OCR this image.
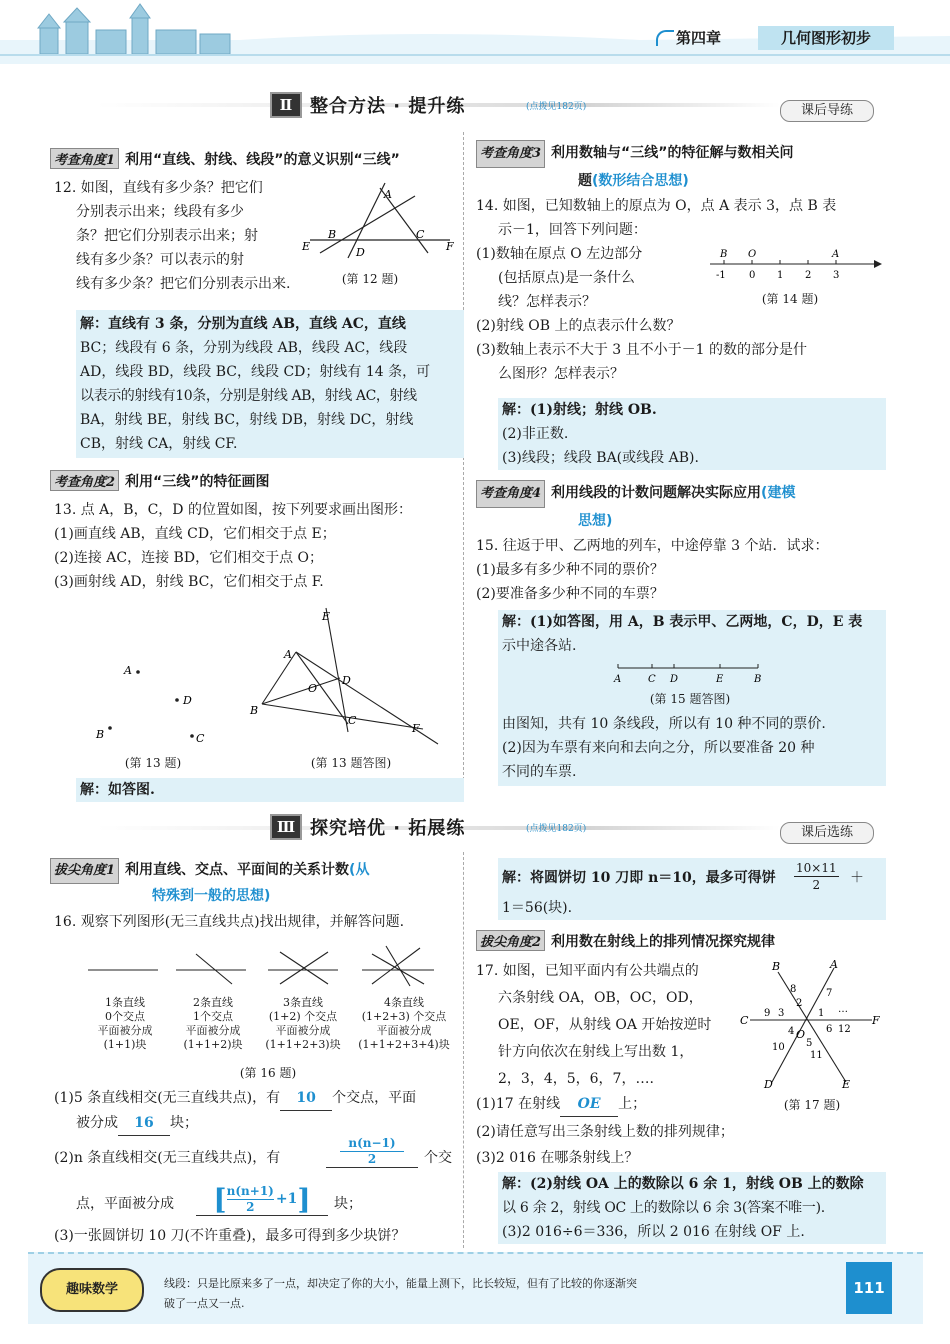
第四章	几何图形初步
Ⅱ 整合方法 · 提升练	(点拨见182页)	课后导练
考查角度1 利用“直线、射线、线段”的意义识别“三线”
12. 如图，直线有多少条？把它们
分别表示出来；线段有多少
条？把它们分别表示出来；射
线有多少条？可以表示的射
线有多少条？把它们分别表示出来.
A
B	C
D
E	F
(第 12 题)
解：直线有 3 条，分别为直线 AB，直线 AC，直线
BC；线段有 6 条，分别为线段 AB，线段 AC，线段
AD，线段 BD，线段 BC，线段 CD；射线有 14 条，可
以表示的射线有10条，分别是射线 AB，射线 AC，射线
BA，射线 BE，射线 BC，射线 DB，射线 DC，射线
CB，射线 CA，射线 CF.
考查角度2 利用“三线”的特征画图
13. 点 A，B，C，D 的位置如图，按下列要求画出图形：
(1)画直线 AB，直线 CD，它们相交于点 E；
(2)连接 AC，连接 BD，它们相交于点 O；
(3)画射线 AD，射线 BC，它们相交于点 F.
A
D
B	C
(第 13 题)
E
A
D
O
B
C
F
(第 13 题答图)
解：如答图.
考查角度3 利用数轴与“三线”的特征解与数相关问
题(数形结合思想)
14. 如图，已知数轴上的原点为 O，点 A 表示 3，点 B 表
示－1，回答下列问题：
(1)数轴在原点 O 左边部分
(包括原点)是一条什么
线？怎样表示？
(2)射线 OB 上的点表示什么数？
(3)数轴上表示不大于 3 且不小于－1 的数的部分是什
么图形？怎样表示？
B O	A
-1 0 1 2 3
(第 14 题)
解：(1)射线；射线 OB.
(2)非正数.
(3)线段；线段 BA(或线段 AB).
考查角度4 利用线段的计数问题解决实际应用(建模
思想)
15. 往返于甲、乙两地的列车，中途停靠 3 个站．试求：
(1)最多有多少种不同的票价？
(2)要准备多少种不同的车票？
解：(1)如答图，用 A，B 表示甲、乙两地，C，D，E 表
示中途各站.
A	C D	E	B
(第 15 题答图)
由图知，共有 10 条线段，所以有 10 种不同的票价.
(2)因为车票有来向和去向之分，所以要准备 20 种
不同的车票.
Ⅲ 探究培优 · 拓展练	(点拨见182页)	课后选练
拔尖角度1 利用直线、交点、平面间的关系计数(从
特殊到一般的思想)
16. 观察下列图形(无三直线共点)找出规律，并解答问题.
1条直线
0个交点
平面被分成
(1+1)块
2条直线
1个交点
平面被分成
(1+1+2)块
3条直线
(1+2) 个交点
平面被分成
(1+1+2+3)块
4条直线
(1+2+3) 个交点
平面被分成
(1+1+2+3+4)块
(第 16 题)
(1)5 条直线相交(无三直线共点)，有 10 个交点，平面
被分成 16 块；
(2)n 条直线相交(无三直线共点)，有	$\frac{n(n-1)}{2}$ 个交
点，平面被分成 [ $\frac{n(n+1)}{2} +1$ ] 块；
(3)一张圆饼切 10 刀(不许重叠)，最多可得到多少块饼？
解：将圆饼切 10 刀即 n＝10，最多可得饼 $\frac{10\times 11}{2}$ ＋
1＝56(块).
拔尖角度2 利用数在射线上的排列情况探究规律
17. 如图，已知平面内有公共端点的
六条射线 OA，OB，OC，OD，
OE，OF，从射线 OA 开始按逆时
针方向依次在射线上写出数 1，
2，3，4，5，6，7，….
B	A
C	F
D	E
O
8
2
7
9 3	1
6 12
4
5
10
11
…
(第 17 题)
(1)17 在射线 OE 上；
(2)请任意写出三条射线上数的排列规律；
(3)2 016 在哪条射线上？
解：(2)射线 OA 上的数除以 6 余 1，射线 OB 上的数除
以 6 余 2，射线 OC 上的数除以 6 余 3(答案不唯一).
(3)2 016÷6＝336，所以 2 016 在射线 OF 上.
趣味数学	线段：只是比原来多了一点，却决定了你的大小，能量上测下，比长较短，但有了比较的你逐渐突
破了一点又一点.
111
